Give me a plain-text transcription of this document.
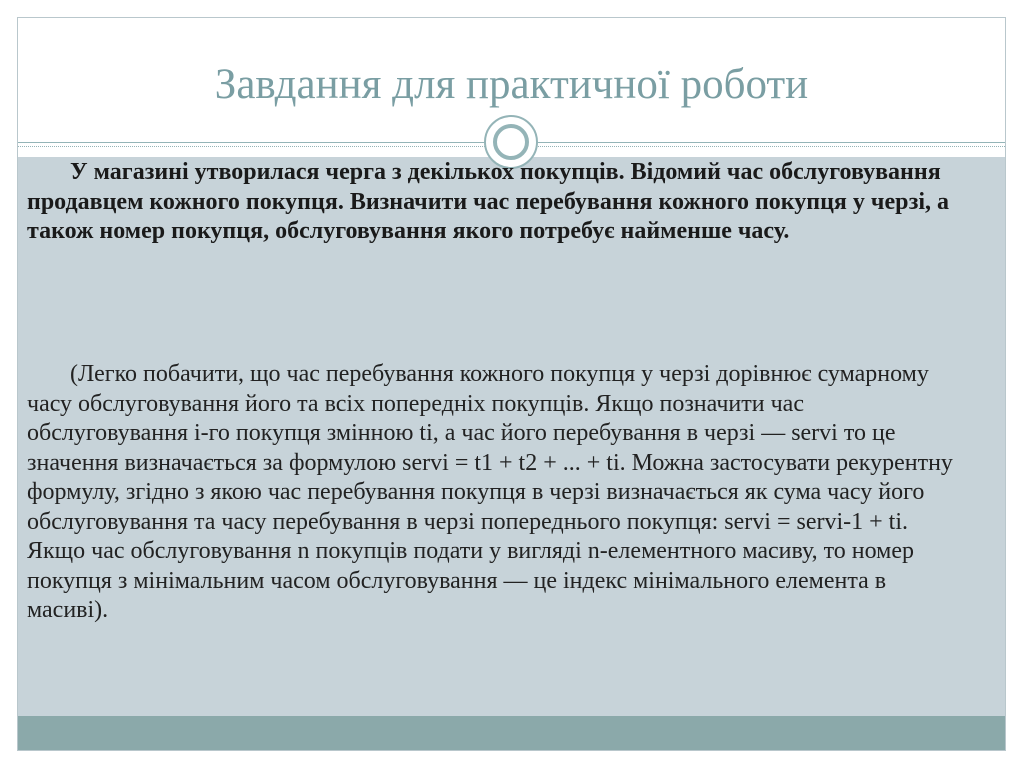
Завдання для практичної роботи
У магазині утворилася черга з декількох покупців. Відомий час обслуговування продавцем кожного покупця. Визначити час перебування кожного покупця у черзі, а також номер покупця, обслуговування якого потребує найменше часу.
(Легко побачити, що час перебування кожного покупця у черзі дорівнює сумарному часу обслуговування його та всіх попередніх покупців. Якщо позначити час обслуговування і-го покупця змінною ti, а час його перебування в черзі — servi то це значення визначається за формулою servi = t1 + t2 + ... + ti. Можна застосувати рекурентну формулу, згідно з якою час перебування покупця в черзі визначається як сума часу його обслуговування та часу перебування в черзі попереднього покупця: servi = servi-1 + ti. Якщо час обслуговування n покупців подати у вигляді n-елементного масиву, то номер покупця з мінімальним часом обслуговування — це індекс мінімального елемента в масиві).
